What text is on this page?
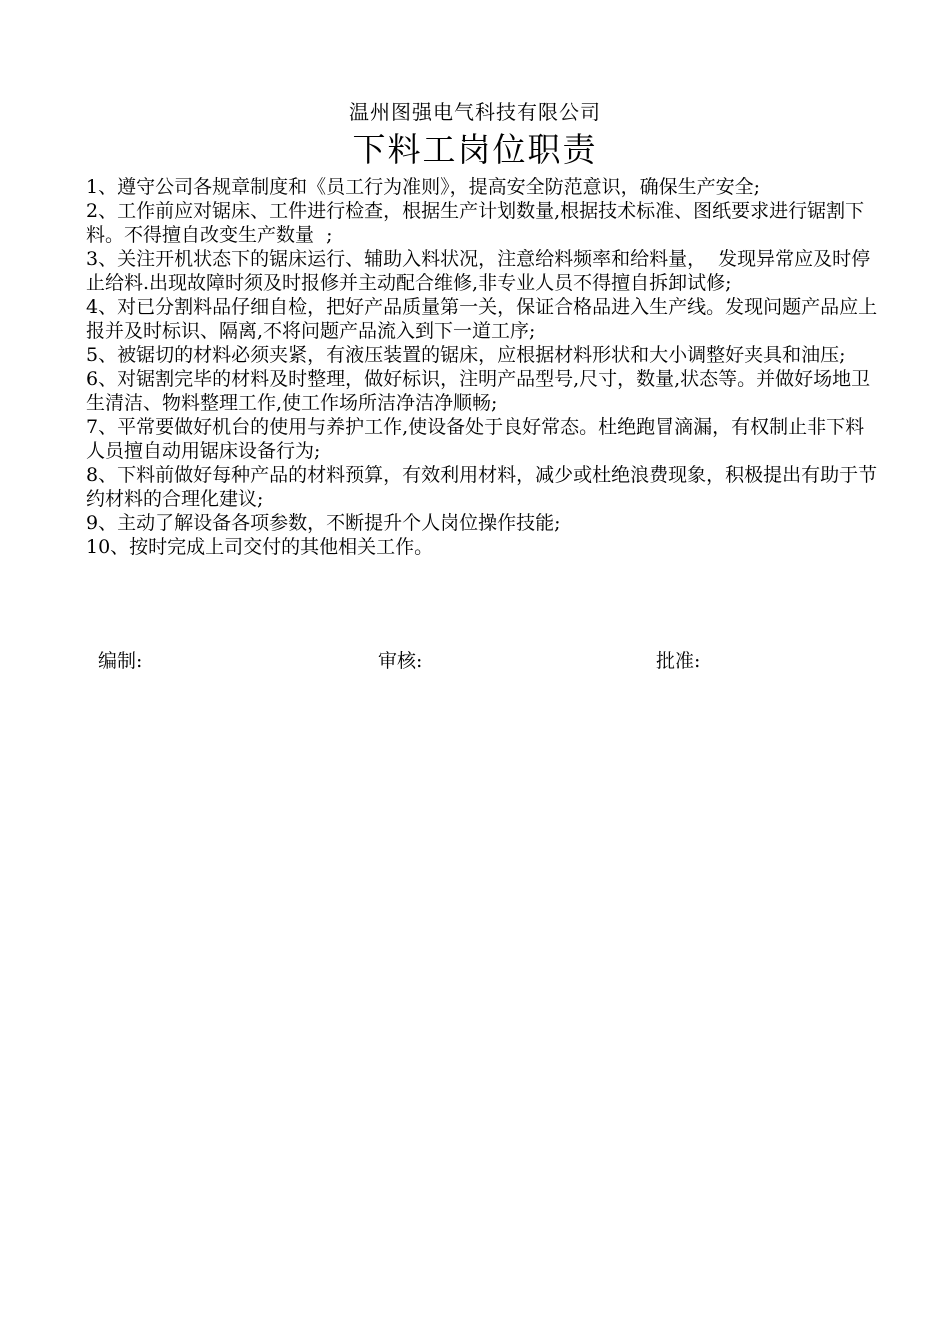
温州图强电气科技有限公司
下料工岗位职责
1、遵守公司各规章制度和《员工行为准则》，提高安全防范意识，确保生产安全;
2、工作前应对锯床、工件进行检查，根据生产计划数量,根据技术标准、图纸要求进行锯割下料。不得擅自改变生产数量  ;
3、关注开机状态下的锯床运行、辅助入料状况，注意给料频率和给料量，  发现异常应及时停止给料.出现故障时须及时报修并主动配合维修,非专业人员不得擅自拆卸试修;
4、对已分割料品仔细自检，把好产品质量第一关，保证合格品进入生产线。发现问题产品应上报并及时标识、隔离,不将问题产品流入到下一道工序;
5、被锯切的材料必须夹紧，有液压装置的锯床，应根据材料形状和大小调整好夹具和油压;
6、对锯割完毕的材料及时整理，做好标识，注明产品型号,尺寸，数量,状态等。并做好场地卫生清洁、物料整理工作,使工作场所洁净洁净顺畅;
7、平常要做好机台的使用与养护工作,使设备处于良好常态。杜绝跑冒滴漏，有权制止非下料人员擅自动用锯床设备行为;
8、下料前做好每种产品的材料预算，有效利用材料，减少或杜绝浪费现象，积极提出有助于节约材料的合理化建议;
9、主动了解设备各项参数，不断提升个人岗位操作技能;
10、按时完成上司交付的其他相关工作。
编制:	审核:	批准:
